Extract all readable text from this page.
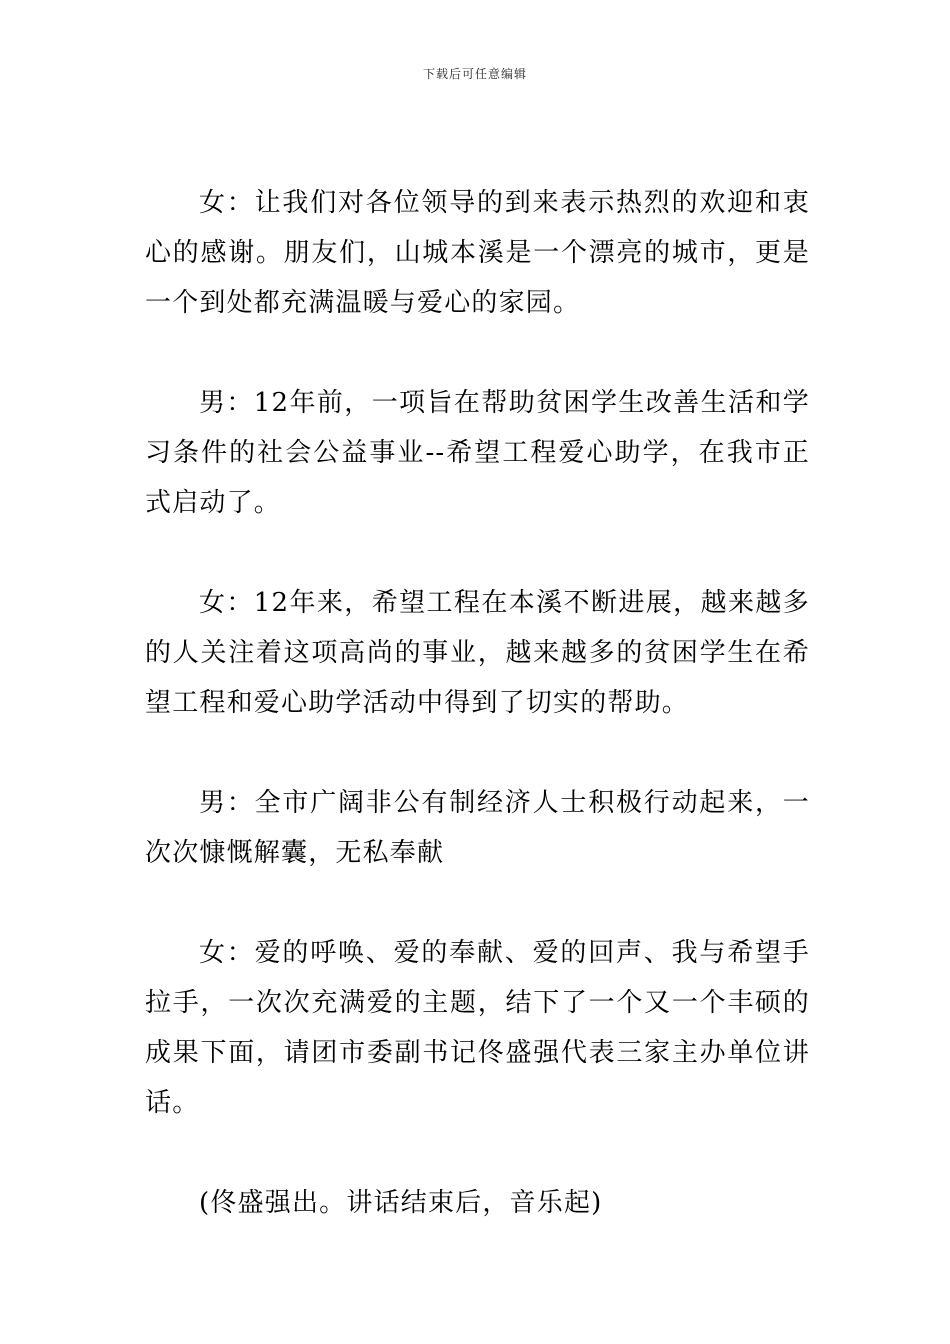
下载后可任意编辑

女：让我们对各位领导的到来表示热烈的欢迎和衷心的感谢。朋友们，山城本溪是一个漂亮的城市，更是一个到处都充满温暖与爱心的家园。

男：12年前，一项旨在帮助贫困学生改善生活和学习条件的社会公益事业--希望工程爱心助学，在我市正式启动了。

女：12年来，希望工程在本溪不断进展，越来越多的人关注着这项高尚的事业，越来越多的贫困学生在希望工程和爱心助学活动中得到了切实的帮助。

男：全市广阔非公有制经济人士积极行动起来，一次次慷慨解囊，无私奉献

女：爱的呼唤、爱的奉献、爱的回声、我与希望手拉手，一次次充满爱的主题，结下了一个又一个丰硕的成果下面，请团市委副书记佟盛强代表三家主办单位讲话。

(佟盛强出。讲话结束后，音乐起)
